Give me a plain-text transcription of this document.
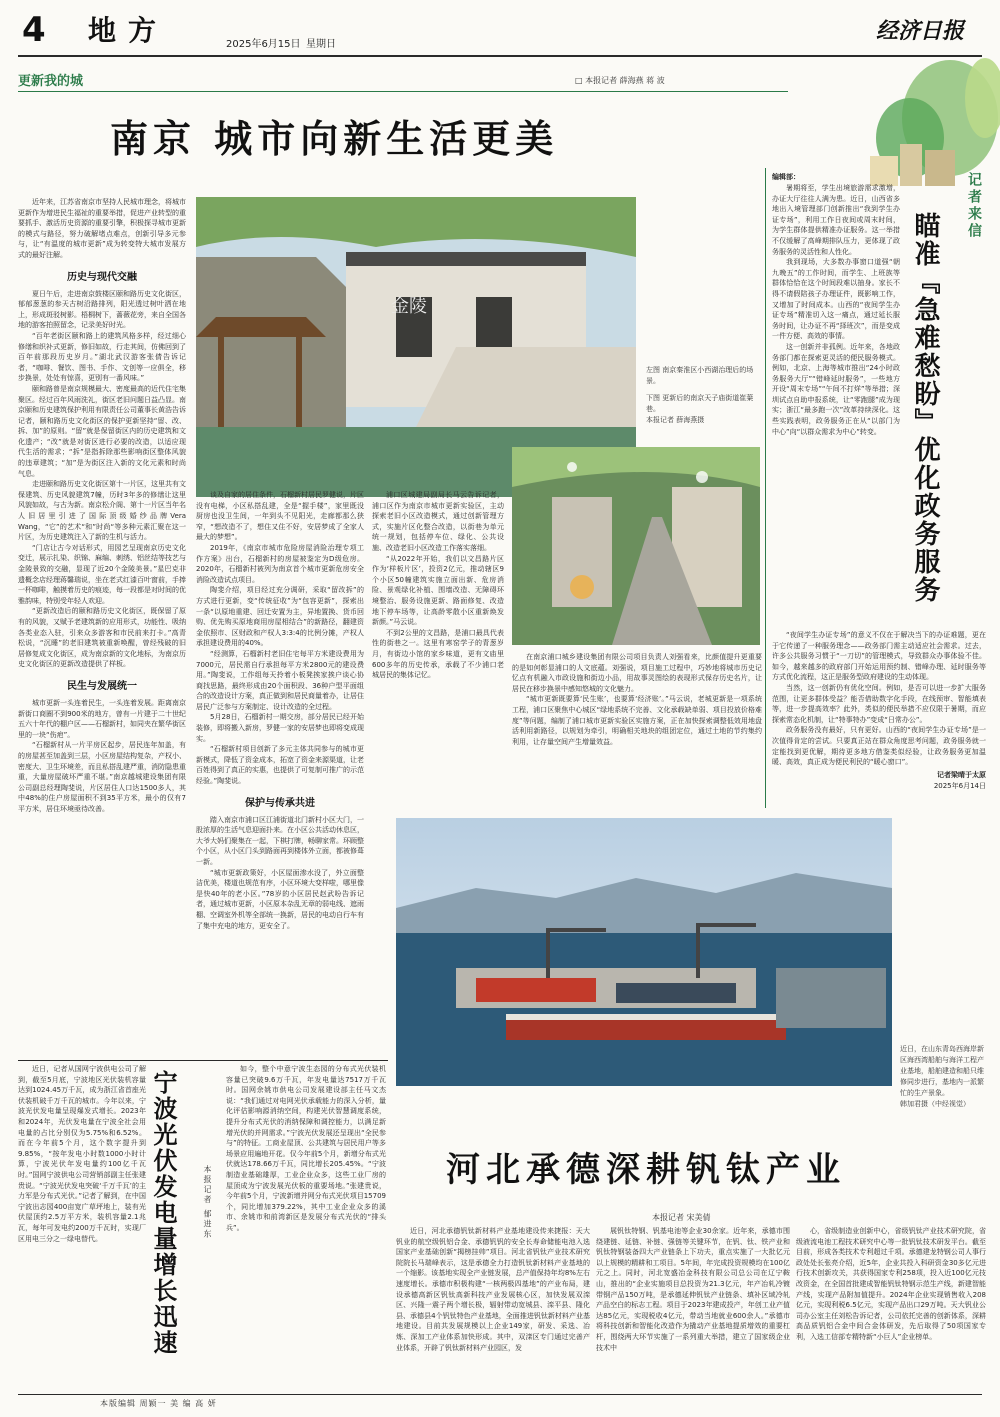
4 地方	2025年6月15日 星期日
经济日报
更新我的城	□ 本报记者 薛海燕 蒋 波
南京 城市向新生活更美
近年来，江苏省南京市坚持人民城市理念，将城市更新作为增进民生福祉的重要举措，促进产业转型的重要抓手、激活历史资源的重要引擎，积极探寻城市更新的模式与路径，努力破解堵点难点，创新引导多元参与，让“有温度的城市更新”成为转变特大城市发展方式的最好注解。
历史与现代交融
夏日午后，走进南京鼓楼区颐和路历史文化街区，郁郁葱葱的参天古树沿路排列，阳光透过树叶洒在地上，形成斑驳树影。梧桐树下，蔷薇花旁，来自全国各地的游客拍照留念，记录美好时光。
“百年老街区颐和路上的建筑风格多样，经过细心修缮和织补式更新，修旧如故，行走其间，仿佛回到了百年前那段历史岁月。”湖北武汉游客张倩告诉记者，“咖啡、餐饮、图书、手作、文创等一应俱全，移步换景，处处有惊喜，更别有一番风味。”
颐和路曾是南京规模最大、密度最高的近代住宅集聚区。经过百年风雨洗礼，街区老旧问题日益凸显。南京颐和历史建筑保护利用有限责任公司董事长黄浩告诉记者，颐和路历史文化街区的保护更新坚持“留、改、拆、加”的原则。“留”就是保留街区内的历史建筑和文化遗产；“改”就是对街区进行必要的改造，以适应现代生活的需求；“拆”是指拆除那些影响街区整体风貌的违章建筑；“加”是为街区注入新的文化元素和时尚气息。
走进颐和路历史文化街区第十一片区，这里共有文保建筑、历史风貌建筑7幢，历时3年多的修缮让这里风貌如故，与古为新。南京松介阁、第十一片区当年名人旧居里引进了国际顶级婚纱品牌Vera Wang，“它”的艺术“和”时尚“等多种元素汇聚在这一片区，为历史建筑注入了新的生机与活力。
“门店让古今对话形式，用园艺呈现南京历史文化变迁，展示扎染、织锦、麻编、刺绣、铝丝结等技艺与金陵景致的交融，显现了近20个金陵美景。”星巴克非遗概念店经理蒋馨瑞说，坐在老式红漆百叶窗前，手捧一杯咖啡，触摸着历史的痕迹，每一段都是对时间的优雅韵味，特别受年轻人欢迎。
“更新改造后的颐和路历史文化街区，既保留了原有的风貌，又赋予老建筑新的应用形式，功能性、吸纳各类业态入驻，引来众多游客和市民前来打卡。”高青松说，“沉睡”的老旧建筑被重新唤醒，曾经残破的旧居修复成文化街区，成为南京新的文化地标，为南京历史文化街区的更新改造提供了样板。
民生与发展统一
城市更新一头连着民生，一头连着发展。距离南京新街口商圈不到900米的地方，曾有一片建于二十世纪五六十年代的棚户区——石榴新村，如同夹在繁华街区里的一块“伤疤”。
“石榴新村从一片平房区起步，居民连年加盖，有的房屋甚至加盖到三层，小区房屋结构复杂，产权小、密度大、卫生环境差，而且私搭乱建严重，消防隐患重重，大量房屋破坏严重不堪。”南京越城建设集团有限公司副总经理陶斐说，片区居住人口达1500多人，其中48%的住户房屋面积不到35平方米，最小的仅有7平方米，居住环境亟待改善。
金陵
左图 南京秦淮区小西湖治理后的场景。
下图 更新后的南京天子庙街道崔葉巷。
本报记者 薛海燕摄
谈及自家的居住条件，石榴新村居民罗健说，片区没有电梯，小区私搭乱建，全是“握手楼”，家里既没厨房也没卫生间，一年到头不见阳光，走廊都那么狭窄，“想改造不了，想住又住不好，安居梦成了全家人最大的梦想”。
2019年，《南京市城市危险房屋消险治理专项工作方案》出台，石榴新村的房屋被鉴定为D级危房。2020年，石榴新村被列为南京首个城市更新危房安全消险改造试点项目。
陶斐介绍，项目经过充分调研，采取“留改拆”的方式进行更新，变“传统征收”为“包容更新”，探索出一条“以原地重建、回迁安置为主，异地置换、货币回购、优先购买原地商用房屋相结合”的新路径，翻建资金依照市、区财政和产权人3:3:4的比例分摊，产权人承担建设费用的40%。
“经测算，石榴新村老旧住宅每平方米建设费用为7000元，居民需自行承担每平方米2800元的建设费用。”陶斐说，工作组每天拎着小板凳挨家挨户谈心协商找思路，最终形成由20个面积段、36种户型平面组合的改造设计方案，真正做到和居民商量着办，让居住居民广泛参与方案制定、设计改造的全过程。
5月28日，石榴新村一期交房，部分居民已经开始装修，即将搬入新房，罗健一家的安居梦也即将变成现实。
“石榴新村项目创新了多元主体共同参与的城市更新模式，降低了资金成本，拓宽了资金来源渠道，让老百姓得到了真正的实惠，也提供了可复制可推广的示范经验。”陶斐说。
保护与传承共进
踏入南京市浦口区江浦街道北门新村小区大门，一股浓厚的生活气息迎面扑来。在小区公共活动休息区，大爷大妈们聚集在一起，下棋打牌，畅聊家常。环顾整个小区，从小区门头到路面再到楼体外立面，都被修葺一新。
“城市更新政策好，小区屋面渗水没了，外立面整洁优美，楼道也规范有序，小区环境大变样啦，哪里像是快40年的老小区。”78岁的小区居民赵武吩告诉记者，通过城市更新，小区原本杂乱无章的弱电线、遮雨棚、空调室外机等全部统一换新，居民的电动自行车有了集中充电的地方，更安全了。
浦口区城建局副局长马云告诉记者，浦口区作为南京市城市更新实验区，主动探索老旧小区改造模式，通过创新管理方式，实施片区化整合改造，以街巷为单元统一规划，包括停车位、绿化、公共设施、改造老旧小区改造工作落实落细。
“从2022年开始，我们以文昌路片区作为‘样板片区’，投资2亿元，推动辖区9个小区50幢建筑实施立面出新、危房消险、景观绿化补植、围墙改造、无障碍环境整治、服务设施更新、路面修复、改造地下停车场等，让高龄零散小区重新焕发新颜。”马云说。
不到2公里的文昌路，是浦口最具代表性的街巷之一。这里有寒窑学子的青葱岁月，有街边小馆的家乡味道，更有文庙里600多年的历史传承，承载了不少浦口老城居民的集体记忆。
在南京浦口城乡建设集团有限公司项目负责人刘强看来，比颜值提升更重要的是如何彰显浦口的人文底蕴。刘强说，项目施工过程中，巧妙地将城市历史记忆点有机融入市政设施和街边小品，用故事灵图绘的表现形式保存历史名片，让居民在移步换景中感知悠城的文化魅力。
“城市更新既要算‘民生账’，也要算‘经济账’。”马云说，老城更新是一项系统工程，浦口区聚焦中心城区“绿地系统不完善、文化承载缺单弱、项目投放价格难度”等问题，编制了浦口城市更新实验区实施方案，正在加快探索调整低效用地盘活利用新路径，以规划为牵引，明确相关地块的组团定位，通过土地的节约集约利用，让存量空间产生增量效益。
记者来信
瞄准『急难愁盼』优化政务服务
编辑部：
暑期将至，学生出境旅游需求激增，办证大厅往往人满为患。近日，山西省多地出入境管理部门创新推出“我到学生办证专场”，利用工作日夜间或周末时间，为学生群体提供精准办证服务。这一举措不仅缓解了高峰期排队压力，更体现了政务服务的灵活性和人性化。
我到现场，大多数办事窗口道强“朝九晚五”的工作时间，而学生、上班族等群体恰恰在这个时间段难以抽身。家长不得不请假陪孩子办理证件，既影响工作，又增加了时间成本。山西的“夜间学生办证专场”精准切入这一痛点，通过延长服务时间，让办证不再“择班次”，而是变成一件方便、高效的事情。
这一创新并非孤例。近年来，各地政务部门都在探索更灵活的便民服务模式。例如，北京、上海等城市推出“24小时政务服务大厅”“错峰延时服务”，一些地方开设“周末专场”“午间不打烊”等举措；深圳试点自助申报系统，让“零跑腿”成为现实；浙江“最多跑一次”改革持续深化。这些实践表明，政务服务正在从“以部门为中心”向“以群众需求为中心”转变。
“夜间学生办证专场”的意义不仅在于解决当下的办证难题，更在于它传递了一种服务理念——政务部门需主动适应社会需求。过去，许多公共服务习惯于“一刀切”的管理模式，导致群众办事体验不佳。如今，越来越多的政府部门开始运用预约制、错峰办理、延时服务等方式优化流程，这正是服务型政府建设的生动体现。
当然，这一创新仍有优化空间。例如，是否可以进一步扩大服务范围，让更多群体受益？能否借助数字化手段，在线预审、智能填表等，进一步提高效率？此外，类似的便民举措不应仅限于暑期，而应探索常态化机制，让“特事特办”变成“日常办公”。
政务服务没有最好，只有更好。山西的“夜间学生办证专场”是一次值得肯定的尝试。只要真正站在群众角度思考问题，政务服务就一定能找到更优解，期待更多地方借鉴类似经验，让政务服务更加温暖、高效，真正成为便民利民的“暖心窗口”。
记者梁晴于太原
2025年6月14日
近日，在山东青岛西海岸新区海西湾船舶与海洋工程产业基地，船舶建造和船只维修同步进行，基地内一派繁忙的生产景象。
韩加君摄（中经视觉）
近日，记者从国网宁波供电公司了解到，截至5月底，宁波地区光伏装机容量达到1024.45万千瓦，成为浙江省首座光伏装机破千万千瓦的城市。今年以来，宁波光伏发电量呈现爆发式增长。2023年和2024年，光伏发电量在宁波全社会用电量的占比分别仅为5.75%和6.52%。而在今年前5个月，这个数字提升到9.85%，“按年发电小时数1000小时计算，宁波光伏年发电量约100亿千瓦时。”国网宁波供电公司营销部副主任张建贵说。“宁波光伏发电突破‘千万千瓦’的主力军是分布式光伏。”记者了解到，在中国宁波出志园400亩宽广草坪地上，装有光伏屋顶约2.5万平方米，装机容量2.1兆瓦，每年可发电约200万千瓦时，实现厂区用电三分之一绿电替代。	宁波光伏发电量增长迅速	本报记者 郁进东
如今，整个中意宁波生态园的分布式光伏装机容量已突破9.6万千瓦，年发电量达7517万千瓦时。国网余姚市供电公司发展建设部主任马文杰说：“我们通过对电网光伏承载能力的深入分析，量化评估影响源消纳空间，构建光伏智慧调度系统，提升分布式光伏的消纳保障和调控能力，以满足新增光伏的并网需求。”宁波光伏发展还呈现出“全民参与”的特征。工商业屋顶、公共建筑与居民用户等多场景应用遍地开花。仅今年前5个月，新增分布式光伏就达178.66万千瓦，同比增长205.45%。“宁波制造业基础雄厚，工业企业众多，这些工业厂房的屋顶成为宁波发展光伏板的重要场地。”张建贵说，今年前5个月，宁波新增并网分布式光伏项目15709个，同比增加379.22%，其中工业企业众多的溪市、余姚市和前湾新区是发展分布式光伏的“排头兵”。
河北承德深耕钒钛产业
本报记者 宋美倩
近日，河北承德钒钛新材料产业基地建设传来捷报：天大钒业的航空级钒铝合金、承德钒钒的安全长寿命储能电池入选国家产业基础创新“揭榜挂帅”项目。河北省钒钛产业技术研究院院长马瑞峰表示，这是承德全力打造钒钛新材料产业基地的一个缩影。该基地实现全产业链发展，总产值保持年均8%左右速度增长。承德市积极构建“一核两极四基地”的产业布局，建设承德高新区钒钛高新科技产业发展核心区，加快发展双滦区、兴隆一震子两个增长极，辐射带动宽城县、滦平县、隆化县、承德县4个钒钛特色产业基地，全面推进钒钛新材料产业基地建设。目前共发展规模以上企业149家，研发、采选、冶炼、深加工产业体系加快形成。其中，双滦区专门通过完善产业体系，开辟了钒钛新材料产业园区，发
展钒钛特钢、钒基电池等企业30余家。近年来，承德市围绕建链、延链、补链、强链等关键环节，在钒、钛、铁产业和钒钛特钢装备四大产业链条上下功夫，重点实施了一大批亿元以上规模的精耕和工项目。5年间，年完成投资规模均在100亿元之上。同时，河北宽盛冶金科技有限公司总公司在辽宁鞍山，推出的“企业实施项目总投资为21.3亿元，年产冶轧冷镀带钢产品150万吨，是承德延伸钒钛产业链条、填补区域冷轧产品空白的标志工程。项目于2023年建成投产，年创工业产值达85亿元，实现税收4亿元，带动当地就业600余人。”承德市将科技创新和智能化改造作为撬动产业基地提质增效的重要杠杆，围绕两大环节实施了一系列重大举措，建立了国家级企业技术中
心，省级制造业创新中心，省级钒钛产业技术研究院，省级液流电池工程技术研究中心等一批钒钛技术研发平台。截至目前，形成各类技术专利超过千项。承德建龙特钢公司人事行政处处长张亮介绍，近5年，企业共投入科研资金30多亿元进行技术创新攻关，共获得国家专利258项，投入近100亿元技改资金，在全国首批建成智能钒钛特钢示范生产线，新建智能产线，实现产品附加值提升。2024年企业实现销售收入208亿元，实现利税6.5亿元，实现产品出口29万吨。天大钒业公司办公室主任刘松告诉记者，公司依托完善的创新体系，深耕高品质钒铝合金中间合金体研发，先后取得了50项国家专利，入选工信部专精特新“小巨人”企业榜单。
本版编辑 周颖一 美 编 高 妍
